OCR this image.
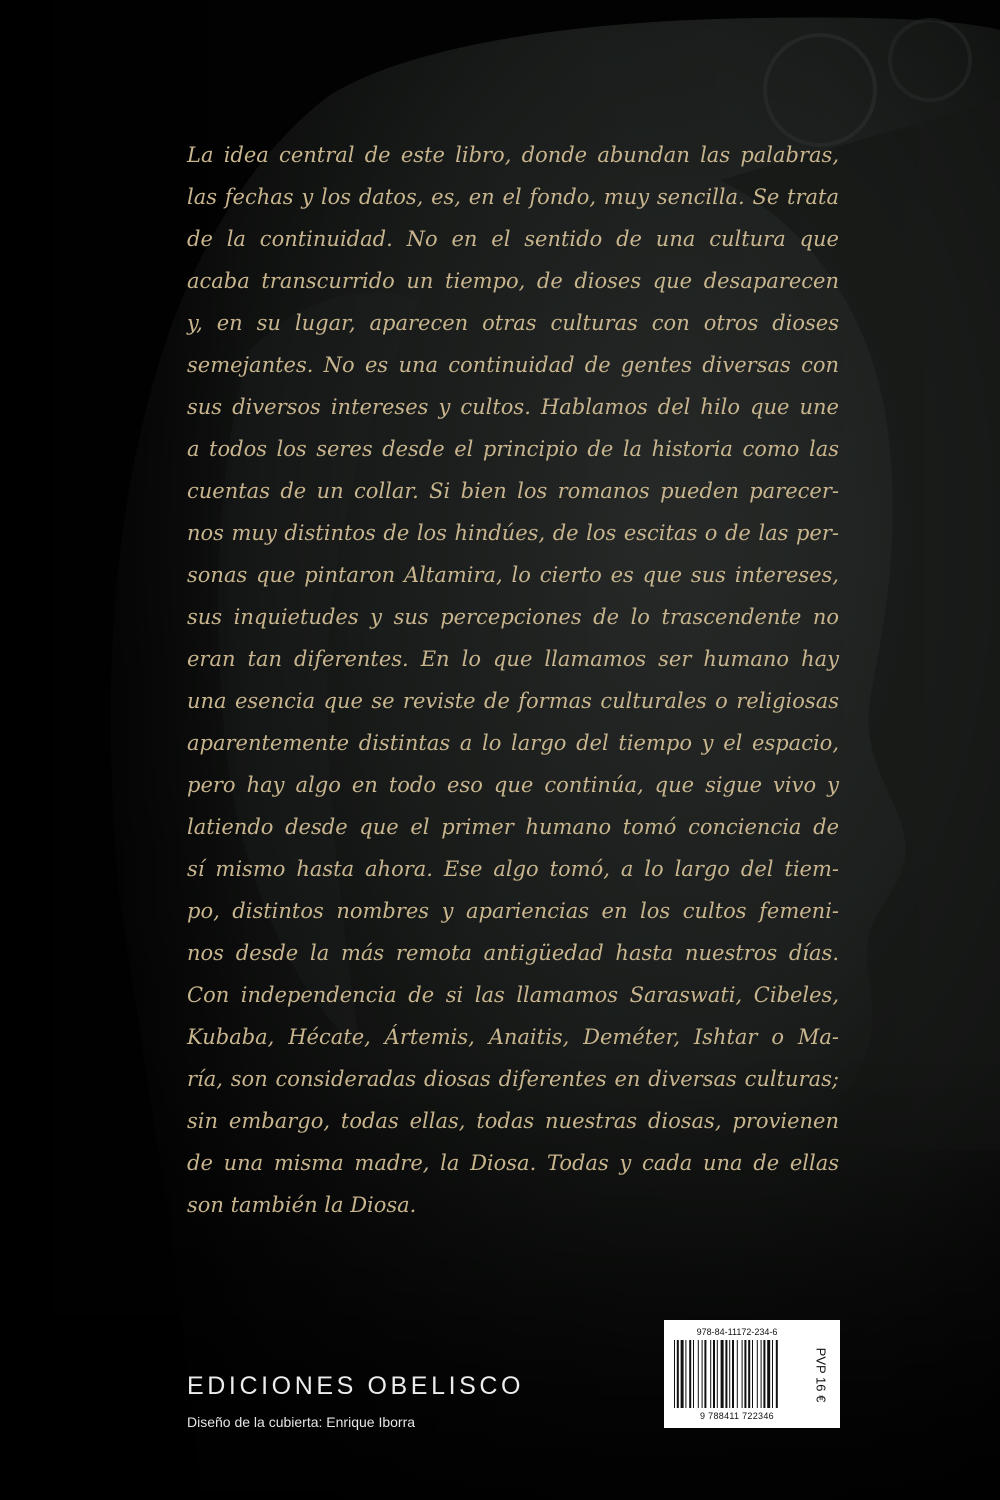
La idea central de este libro, donde abundan las palabras,
las fechas y los datos, es, en el fondo, muy sencilla. Se trata
de la continuidad. No en el sentido de una cultura que
acaba transcurrido un tiempo, de dioses que desaparecen
y, en su lugar, aparecen otras culturas con otros dioses
semejantes. No es una continuidad de gentes diversas con
sus diversos intereses y cultos. Hablamos del hilo que une
a todos los seres desde el principio de la historia como las
cuentas de un collar. Si bien los romanos pueden parecer-
nos muy distintos de los hindúes, de los escitas o de las per-
sonas que pintaron Altamira, lo cierto es que sus intereses,
sus inquietudes y sus percepciones de lo trascendente no
eran tan diferentes. En lo que llamamos ser humano hay
una esencia que se reviste de formas culturales o religiosas
aparentemente distintas a lo largo del tiempo y el espacio,
pero hay algo en todo eso que continúa, que sigue vivo y
latiendo desde que el primer humano tomó conciencia de
sí mismo hasta ahora. Ese algo tomó, a lo largo del tiem-
po, distintos nombres y apariencias en los cultos femeni-
nos desde la más remota antigüedad hasta nuestros días.
Con independencia de si las llamamos Saraswati, Cibeles,
Kubaba, Hécate, Ártemis, Anaitis, Deméter, Ishtar o Ma-
ría, son consideradas diosas diferentes en diversas culturas;
sin embargo, todas ellas, todas nuestras diosas, provienen
de una misma madre, la Diosa. Todas y cada una de ellas
son también la Diosa.
EDICIONES OBELISCO
Diseño de la cubierta: Enrique Iborra
978-84-11172-234-6
9 788411 722346
PVP 16 €
